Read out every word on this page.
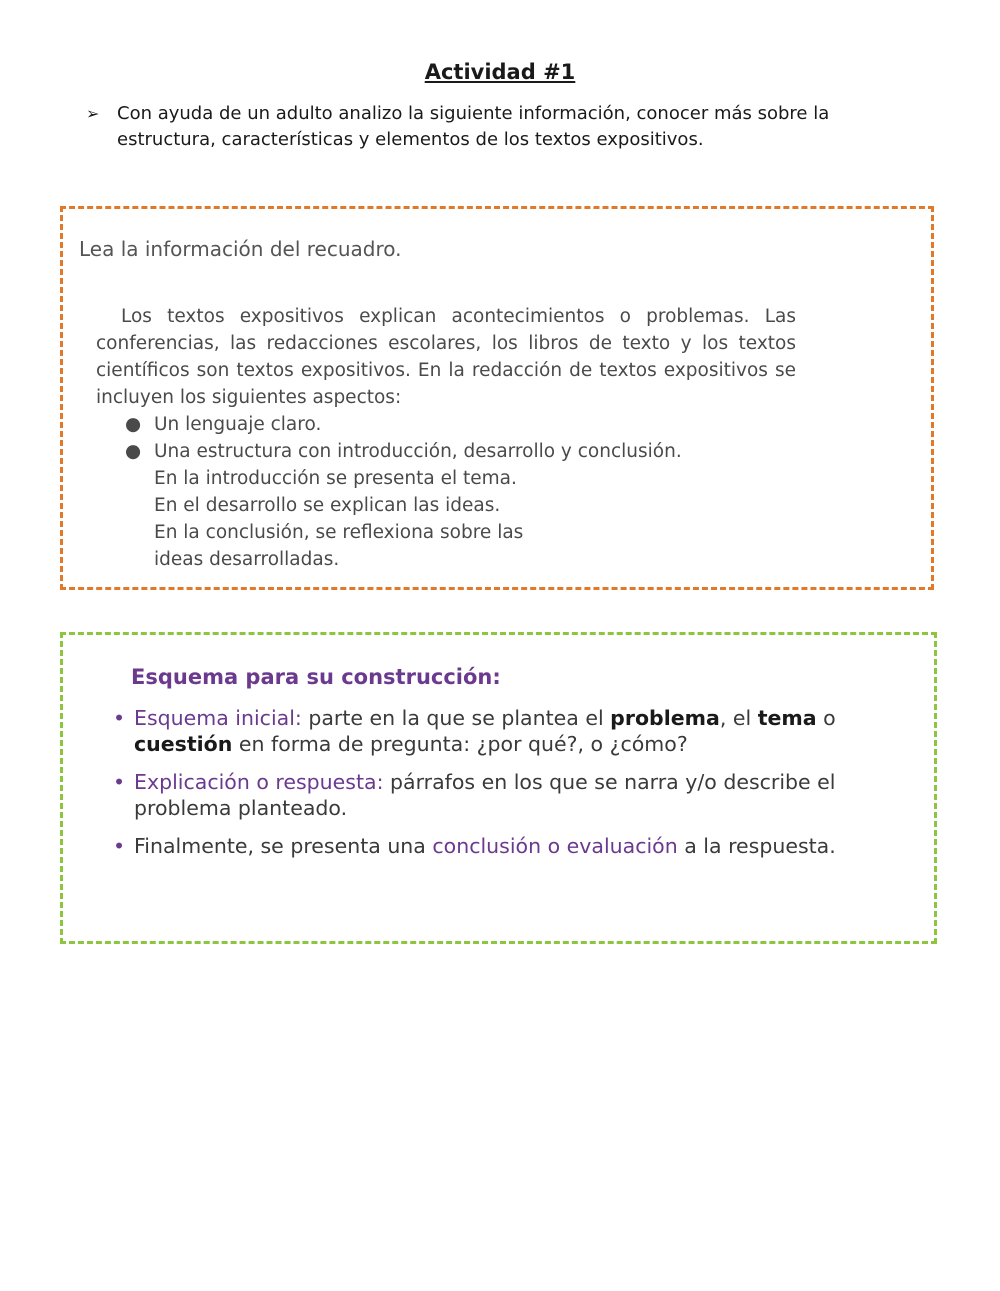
Actividad #1
➢ Con ayuda de un adulto analizo la siguiente información, conocer más sobre la estructura, características y elementos de los textos expositivos.
Lea la información del recuadro.
Los textos expositivos explican acontecimientos o problemas. Las conferencias, las redacciones escolares, los libros de texto y los textos científicos son textos expositivos. En la redacción de textos expositivos se incluyen los siguientes aspectos:
● Un lenguaje claro.
● Una estructura con introducción, desarrollo y conclusión.
En la introducción se presenta el tema.
En el desarrollo se explican las ideas.
En la conclusión, se reflexiona sobre las
ideas desarrolladas.
Esquema para su construcción:
• Esquema inicial: parte en la que se plantea el problema, el tema o cuestión en forma de pregunta: ¿por qué?, o ¿cómo?
• Explicación o respuesta: párrafos en los que se narra y/o describe el problema planteado.
• Finalmente, se presenta una conclusión o evaluación a la respuesta.
